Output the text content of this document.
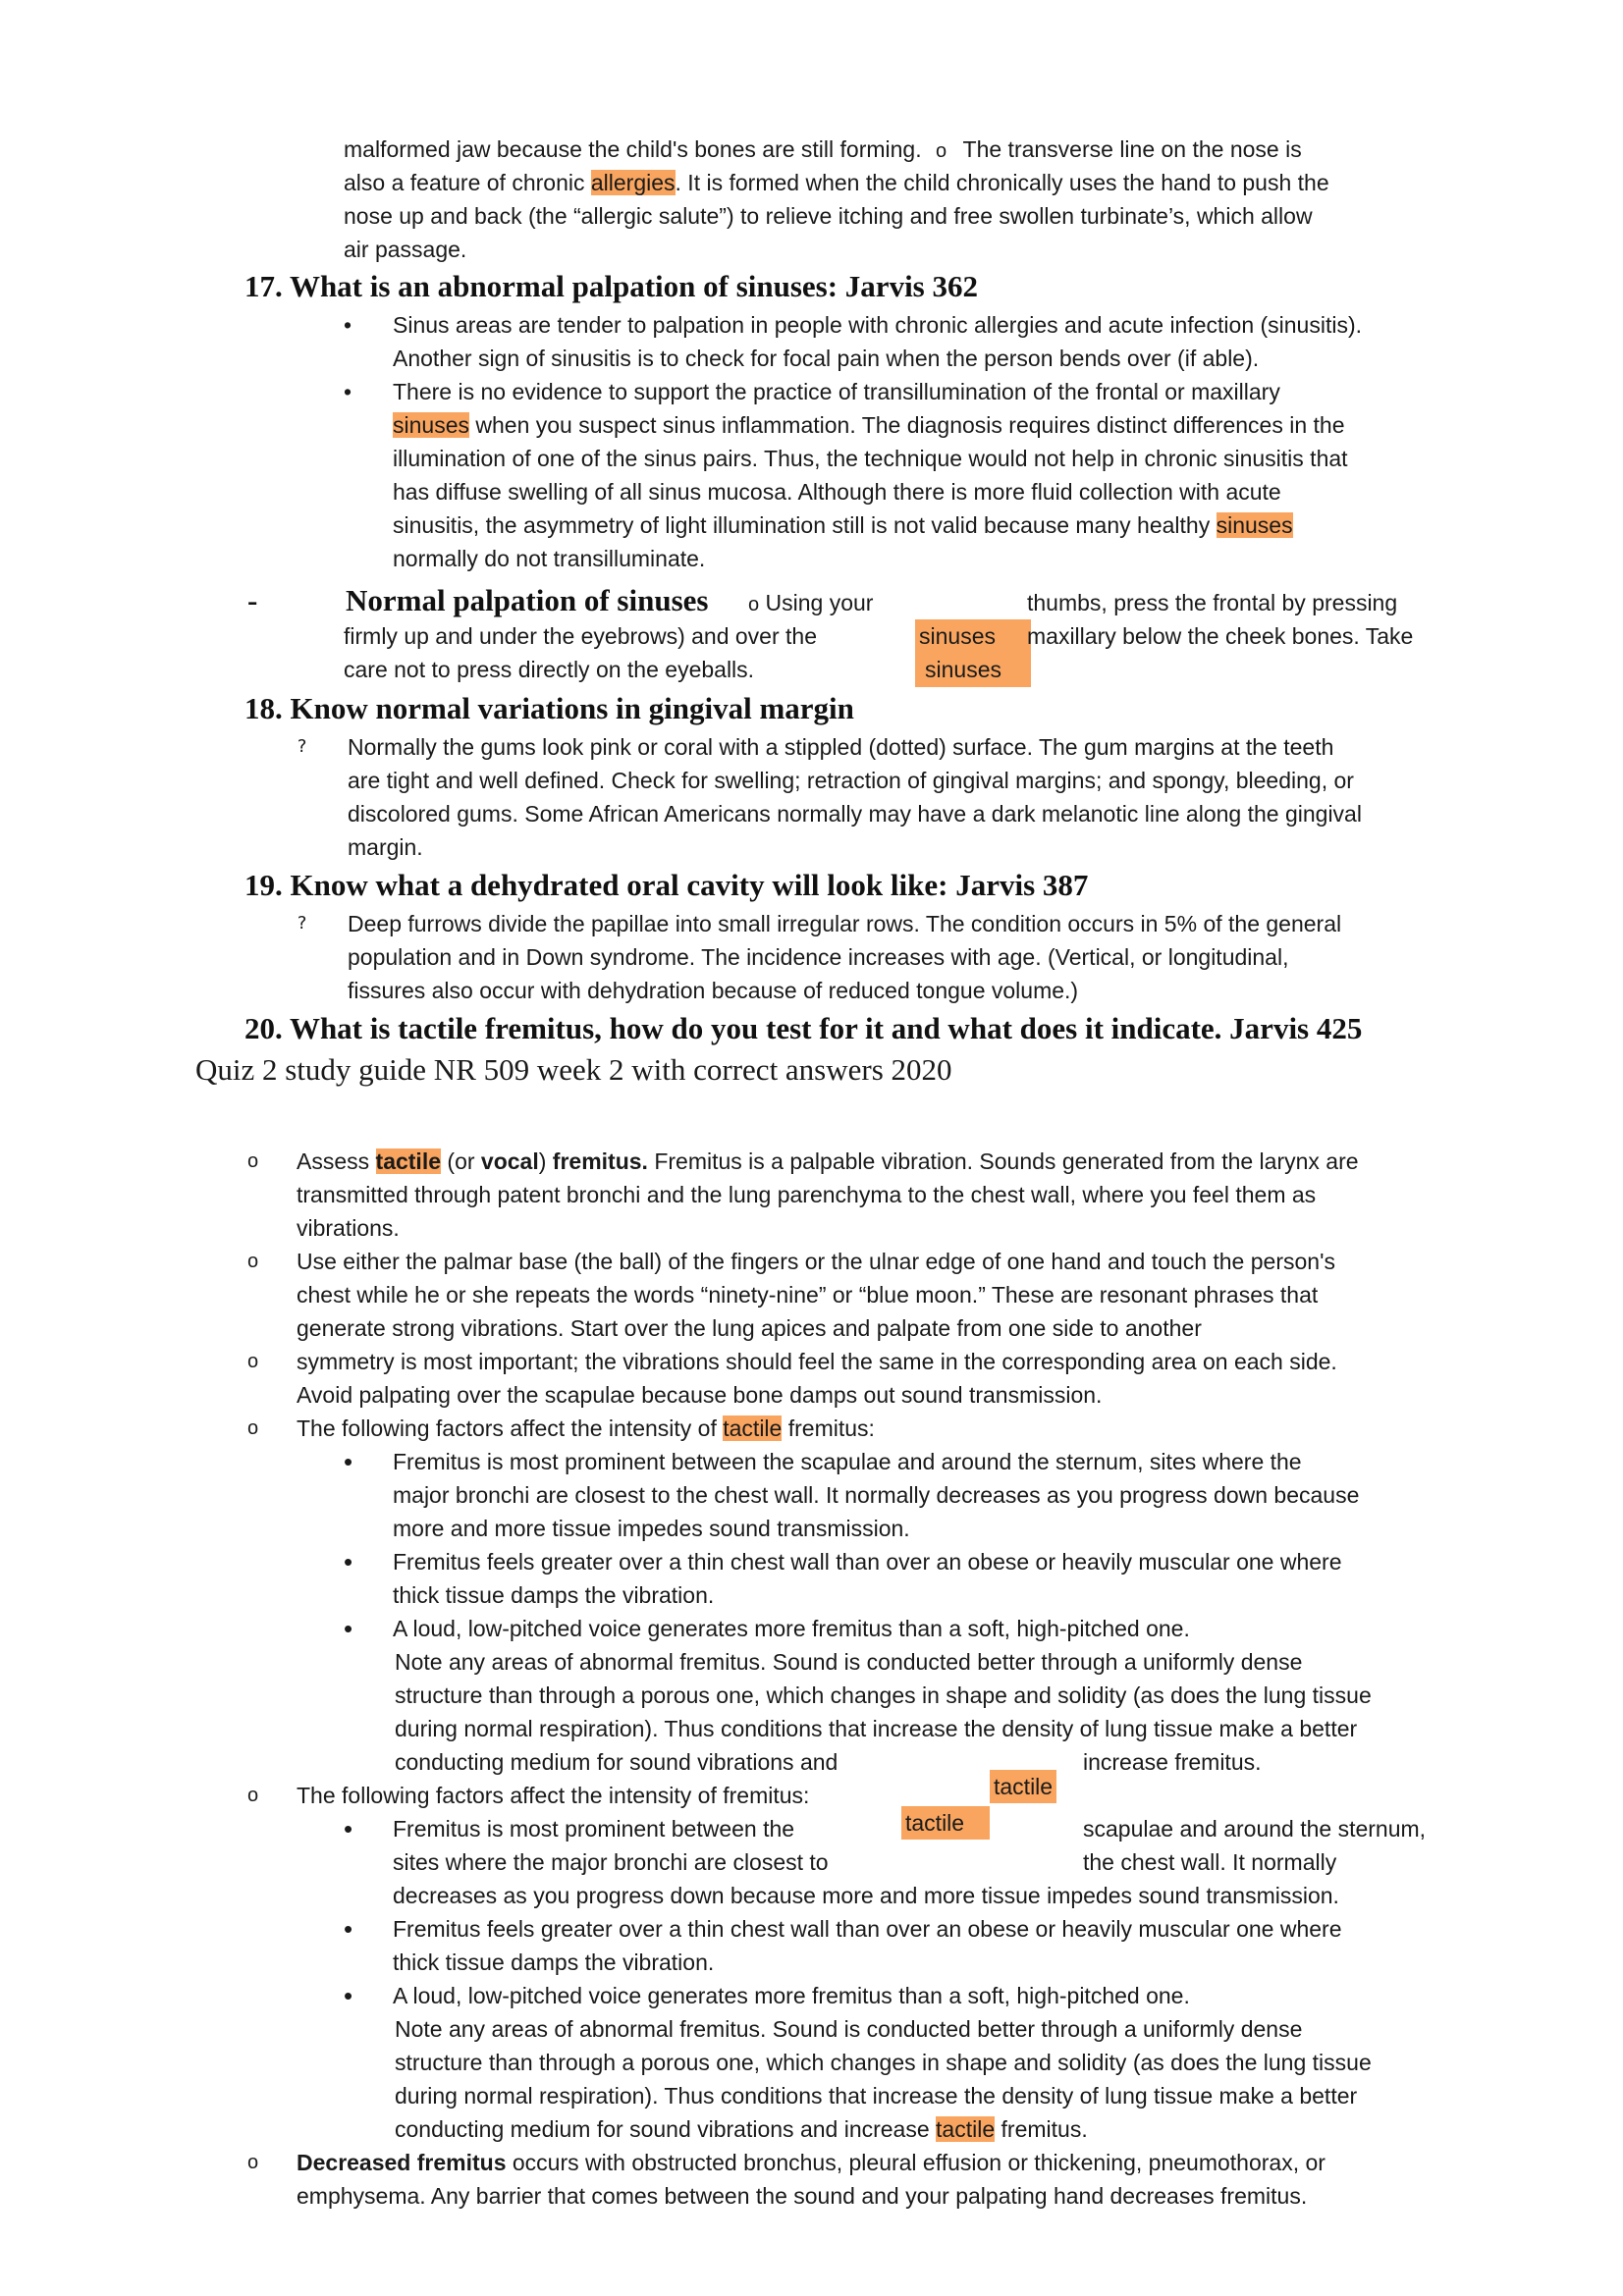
malformed jaw because the child's bones are still forming. o The transverse line on the nose is
also a feature of chronic allergies. It is formed when the child chronically uses the hand to push the
nose up and back (the “allergic salute”) to relieve itching and free swollen turbinate’s, which allow
air passage.
17. What is an abnormal palpation of sinuses: Jarvis 362
• Sinus areas are tender to palpation in people with chronic allergies and acute infection (sinusitis).
Another sign of sinusitis is to check for focal pain when the person bends over (if able).
• There is no evidence to support the practice of transillumination of the frontal or maxillary
sinuses when you suspect sinus inflammation. The diagnosis requires distinct differences in the
illumination of one of the sinus pairs. Thus, the technique would not help in chronic sinusitis that
has diffuse swelling of all sinus mucosa. Although there is more fluid collection with acute
sinusitis, the asymmetry of light illumination still is not valid because many healthy sinuses
normally do not transilluminate.
-	Normal palpation of sinuses o Using your	thumbs, press the frontal by pressing
sinuses
sinuses
firmly up and under the eyebrows) and over the	maxillary below the cheek bones. Take
care not to press directly on the eyeballs.
18. Know normal variations in gingival margin
? Normally the gums look pink or coral with a stippled (dotted) surface. The gum margins at the teeth
are tight and well defined. Check for swelling; retraction of gingival margins; and spongy, bleeding, or
discolored gums. Some African Americans normally may have a dark melanotic line along the gingival
margin.
19. Know what a dehydrated oral cavity will look like: Jarvis 387
? Deep furrows divide the papillae into small irregular rows. The condition occurs in 5% of the general
population and in Down syndrome. The incidence increases with age. (Vertical, or longitudinal,
fissures also occur with dehydration because of reduced tongue volume.)
20. What is tactile fremitus, how do you test for it and what does it indicate. Jarvis 425
Quiz 2 study guide NR 509 week 2 with correct answers 2020
o Assess tactile (or vocal) fremitus. Fremitus is a palpable vibration. Sounds generated from the larynx are
transmitted through patent bronchi and the lung parenchyma to the chest wall, where you feel them as
vibrations.
o Use either the palmar base (the ball) of the fingers or the ulnar edge of one hand and touch the person's
chest while he or she repeats the words “ninety-nine” or “blue moon.” These are resonant phrases that
generate strong vibrations. Start over the lung apices and palpate from one side to another
o symmetry is most important; the vibrations should feel the same in the corresponding area on each side.
Avoid palpating over the scapulae because bone damps out sound transmission.
o The following factors affect the intensity of tactile fremitus:
• Fremitus is most prominent between the scapulae and around the sternum, sites where the
major bronchi are closest to the chest wall. It normally decreases as you progress down because
more and more tissue impedes sound transmission.
• Fremitus feels greater over a thin chest wall than over an obese or heavily muscular one where
thick tissue damps the vibration.
• A loud, low-pitched voice generates more fremitus than a soft, high-pitched one.
Note any areas of abnormal fremitus. Sound is conducted better through a uniformly dense
structure than through a porous one, which changes in shape and solidity (as does the lung tissue
during normal respiration). Thus conditions that increase the density of lung tissue make a better
conducting medium for sound vibrations and	increase fremitus.
tactile
o The following factors affect the intensity of fremitus:
tactile
• Fremitus is most prominent between the	scapulae and around the sternum,
sites where the major bronchi are closest to	the chest wall. It normally
decreases as you progress down because more and more tissue impedes sound transmission.
• Fremitus feels greater over a thin chest wall than over an obese or heavily muscular one where
thick tissue damps the vibration.
• A loud, low-pitched voice generates more fremitus than a soft, high-pitched one.
Note any areas of abnormal fremitus. Sound is conducted better through a uniformly dense
structure than through a porous one, which changes in shape and solidity (as does the lung tissue
during normal respiration). Thus conditions that increase the density of lung tissue make a better
conducting medium for sound vibrations and increase tactile fremitus.
o Decreased fremitus occurs with obstructed bronchus, pleural effusion or thickening, pneumothorax, or
emphysema. Any barrier that comes between the sound and your palpating hand decreases fremitus.
